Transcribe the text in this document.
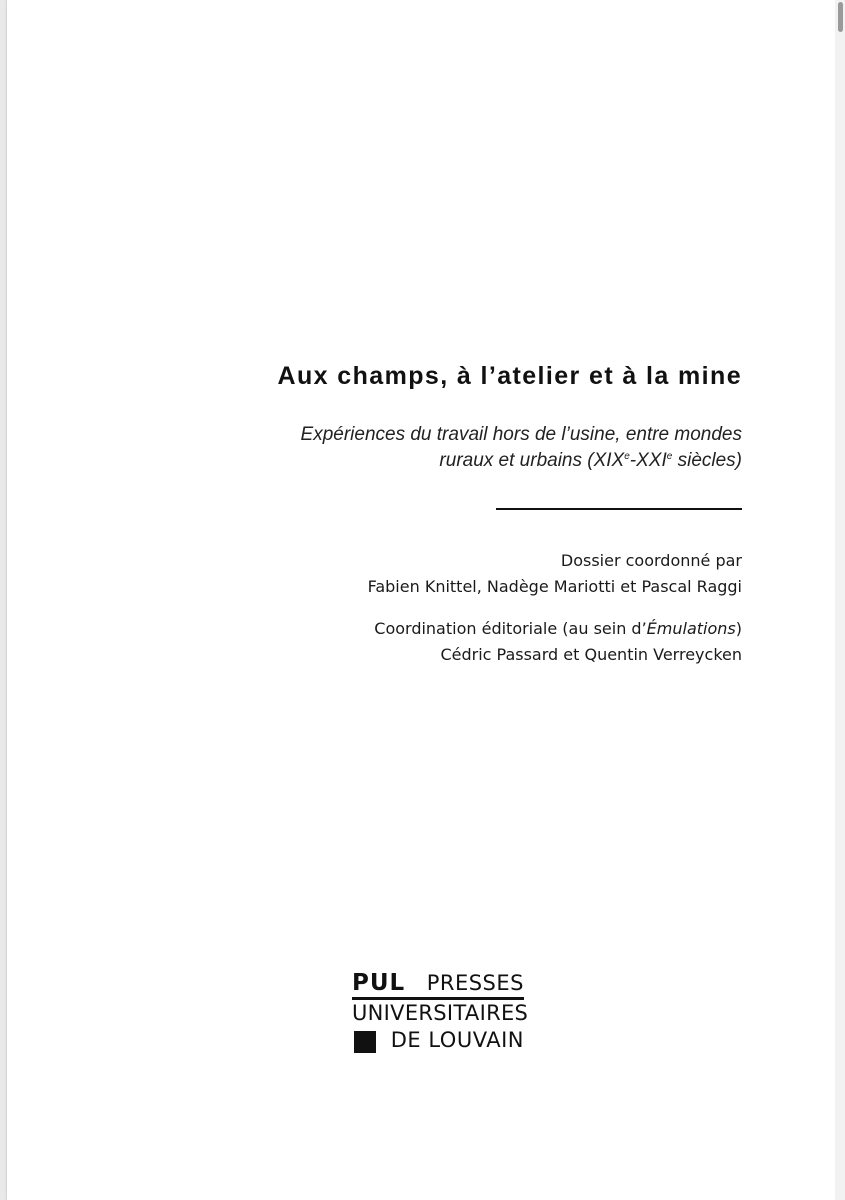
Aux champs, à l’atelier et à la mine
Expériences du travail hors de l’usine, entre mondes
ruraux et urbains (XIXe-XXIe siècles)
Dossier coordonné par
Fabien Knittel, Nadège Mariotti et Pascal Raggi
Coordination éditoriale (au sein d’Émulations)
Cédric Passard et Quentin Verreycken
PUL PRESSES
UNIVERSITAIRES
DE LOUVAIN
